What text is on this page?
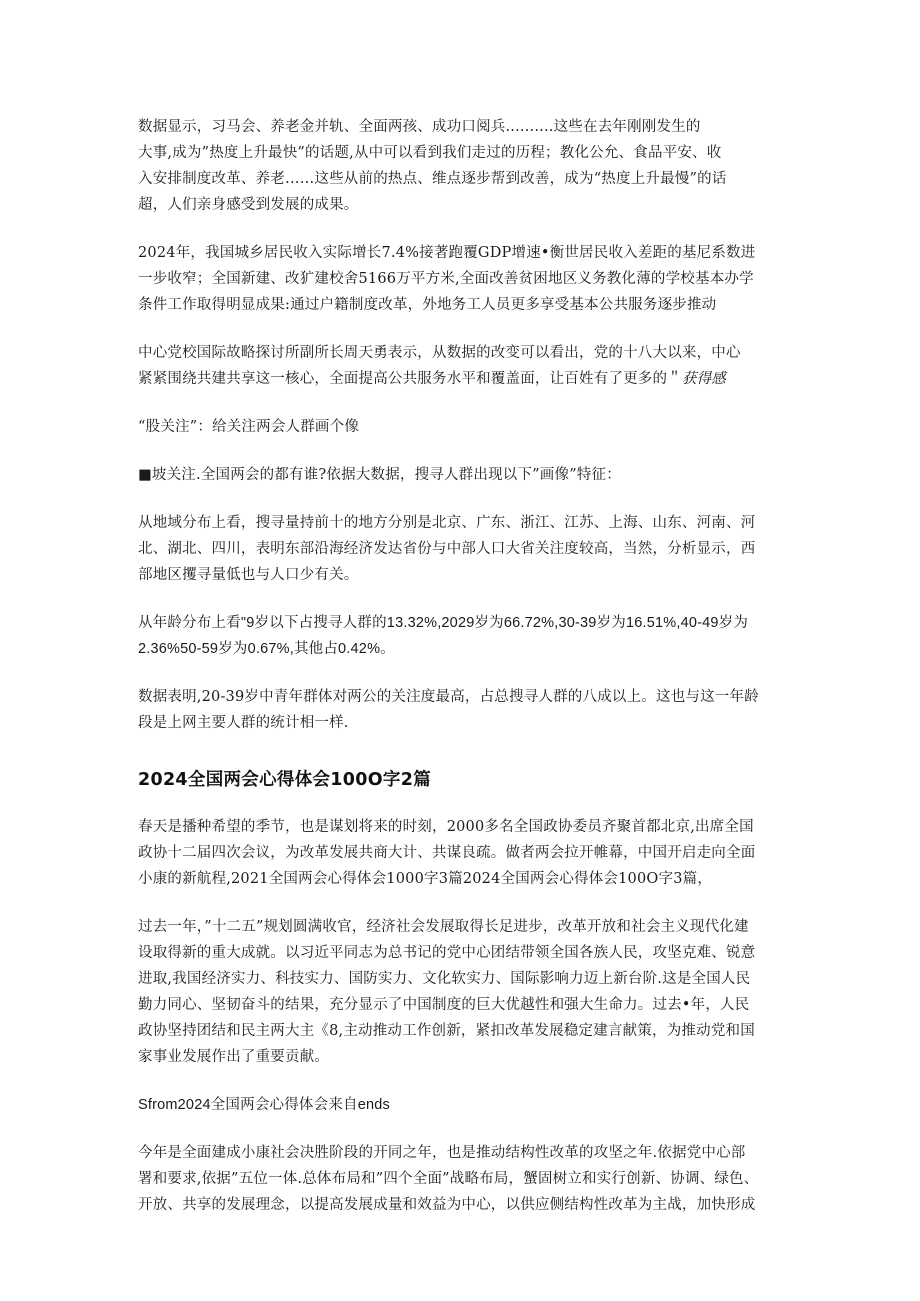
数据显示，习马会、养老金并轨、全面两孩、成功口阅兵..........这些在去年刚刚发生的
大事,成为”热度上升最快”的话题,从中可以看到我们走过的历程；教化公允、食品平安、收
入安排制度改革、养老……这些从前的热点、维点逐步帮到改善，成为“热度上升最慢”的话
超，人们亲身感受到发展的成果。

2024年，我国城乡居民收入实际增长7.4%接著跑覆GDP增速•衡世居民收入差距的基尼系数进
一步收窄；全国新建、改犷建校舍5166万平方米,全面改善贫困地区义务教化薄的学校基本办学
条件工作取得明显成果:通过户籍制度改革，外地务工人员更多享受基本公共服务逐步推动

中心党校国际故略探讨所副所长周天勇表示，从数据的改变可以看出，党的十八大以来，中心
紧紧围绕共建共享这一核心，全面提高公共服务水平和覆盖面，让百姓有了更多的＂获得感

“股关注”：给关注两会人群画个像

■坡关注.全国两会的都有谁?依据大数据，搜寻人群出现以下”画像”特征：

从地域分布上看，搜寻量持前十的地方分别是北京、广东、浙江、江苏、上海、山东、河南、河
北、湖北、四川，表明东部沿海经济发达省份与中部人口大省关注度较高，当然，分析显示，西
部地区攫寻量低也与人口少有关。

从年龄分布上看"9岁以下占搜寻人群的13.32%,2029岁为66.72%,30-39岁为16.51%,40-49岁为
2.36%50-59岁为0.67%,其他占0.42%。

数据表明,20-39岁中青年群体对两公的关注度最高，占总搜寻人群的八成以上。这也与这一年龄
段是上网主要人群的统计相一样.

2024全国两会心得体会100O字2篇

春天是播种希望的季节，也是谋划将来的时刻，2000多名全国政协委员齐聚首都北京,出席全国
政协十二届四次会议，为改革发展共商大计、共谋良疏。做者两会拉开帷幕，中国开启走向全面
小康的新航程,2021全国两会心得体会1000字3篇2024全国两会心得体会100O字3篇，

过去一年，”十二五”规划圆满收官，经济社会发展取得长足进步，改革开放和社会主义现代化建
设取得新的重大成就。以习近平同志为总书记的党中心团结带领全国各族人民，攻坚克难、锐意
进取,我国经济实力、科技实力、国防实力、文化软实力、国际影响力迈上新台阶.这是全国人民
勤力同心、坚韧奋斗的结果，充分显示了中国制度的巨大优越性和强大生命力。过去•年，人民
政协坚持团结和民主两大主《8,主动推动工作创新，紧扣改革发展稳定建言献策，为推动党和国
家事业发展作出了重要贡献。

Sfrom2024全国两会心得体会来自ends

今年是全面建成小康社会决胜阶段的开同之年，也是推动结构性改革的攻坚之年.依据党中心部
署和要求,依据”五位一体.总体布局和”四个全面”战略布局，蟹固树立和实行创新、协调、绿色、
开放、共享的发展理念，以提高发展成量和效益为中心，以供应侧结构性改革为主战，加快形成
